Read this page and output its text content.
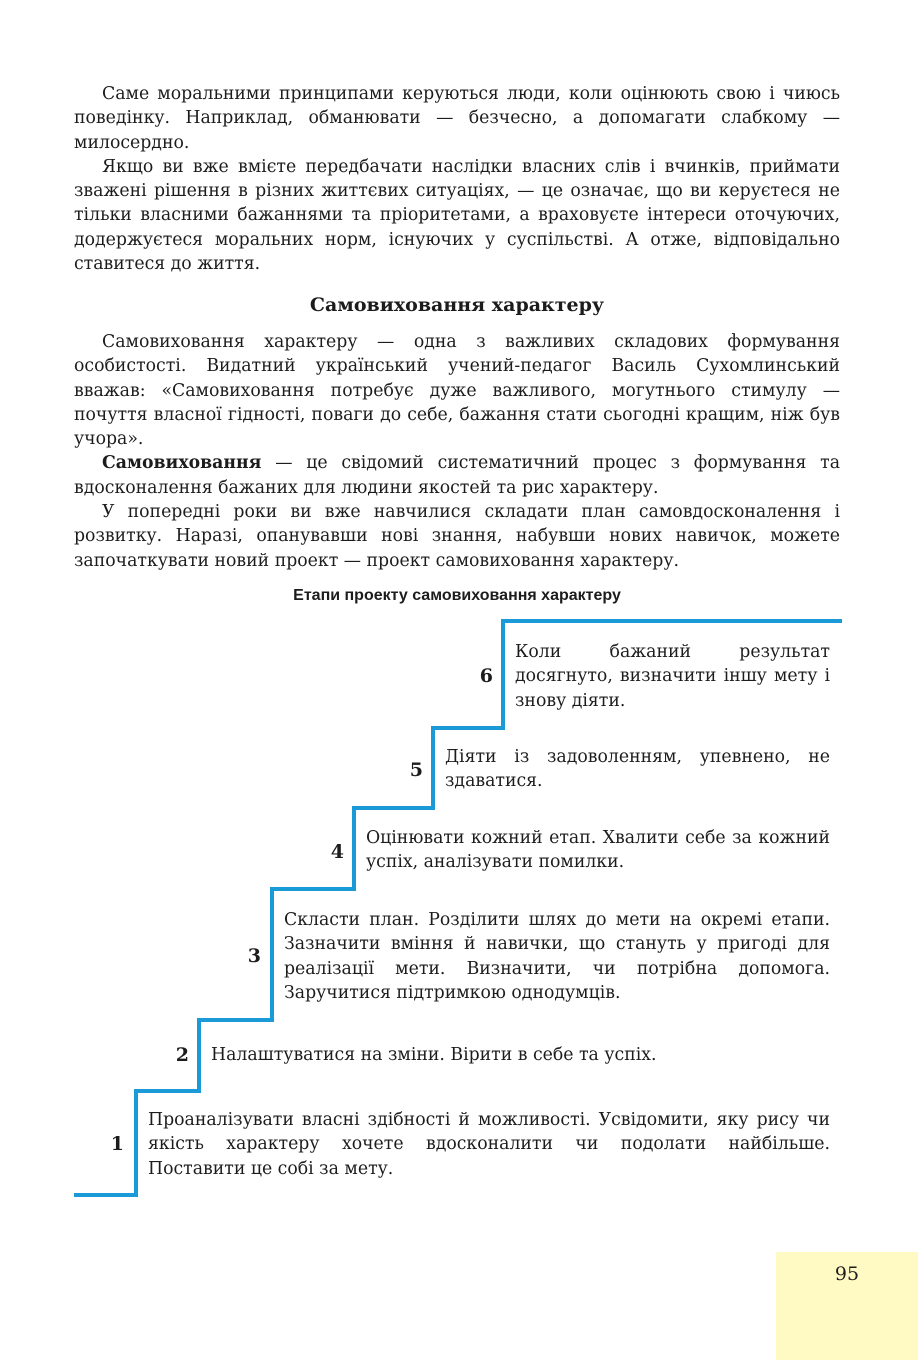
Саме моральними принципами керуються люди, коли оцінюють свою і чиюсь поведінку. Наприклад, обманювати — безчесно, а допомагати слабкому — милосердно.

Якщо ви вже вмієте передбачати наслідки власних слів і вчинків, приймати зважені рішення в різних життєвих ситуаціях, — це означає, що ви керуєтеся не тільки власними бажаннями та пріоритетами, а враховуєте інтереси оточуючих, додержуєтеся моральних норм, існуючих у суспільстві. А отже, відповідально ставитеся до життя.

Самовиховання характеру

Самовиховання характеру — одна з важливих складових формування особистості. Видатний український учений-педагог Василь Сухомлинський вважав: «Самовиховання потребує дуже важливого, могутнього стимулу — почуття власної гідності, поваги до себе, бажання стати сьогодні кращим, ніж був учора».

Самовиховання — це свідомий систематичний процес з формування та вдосконалення бажаних для людини якостей та рис характеру.

У попередні роки ви вже навчилися складати план самовдосконалення і розвитку. Наразі, опанувавши нові знання, набувши нових навичок, можете започаткувати новий проект — проект самовиховання характеру.

Етапи проекту самовиховання характеру
1
Проаналізувати власні здібності й можливості. Усвідомити, яку рису чи якість характеру хочете вдосконалити чи подолати найбільше. Поставити це собі за мету.
2 Налаштуватися на зміни. Вірити в себе та успіх.
3
Скласти план. Розділити шлях до мети на окремі етапи. Зазначити вміння й навички, що стануть у пригоді для реалізації мети. Визначити, чи потрібна допомога. Заручитися підтримкою однодумців.
4
Оцінювати кожний етап. Хвалити себе за кожний успіх, аналізувати помилки.
5
Діяти із задоволенням, упевнено, не здаватися.
6
Коли бажаний результат досягнуто, визначити іншу мету і знову діяти.
95
